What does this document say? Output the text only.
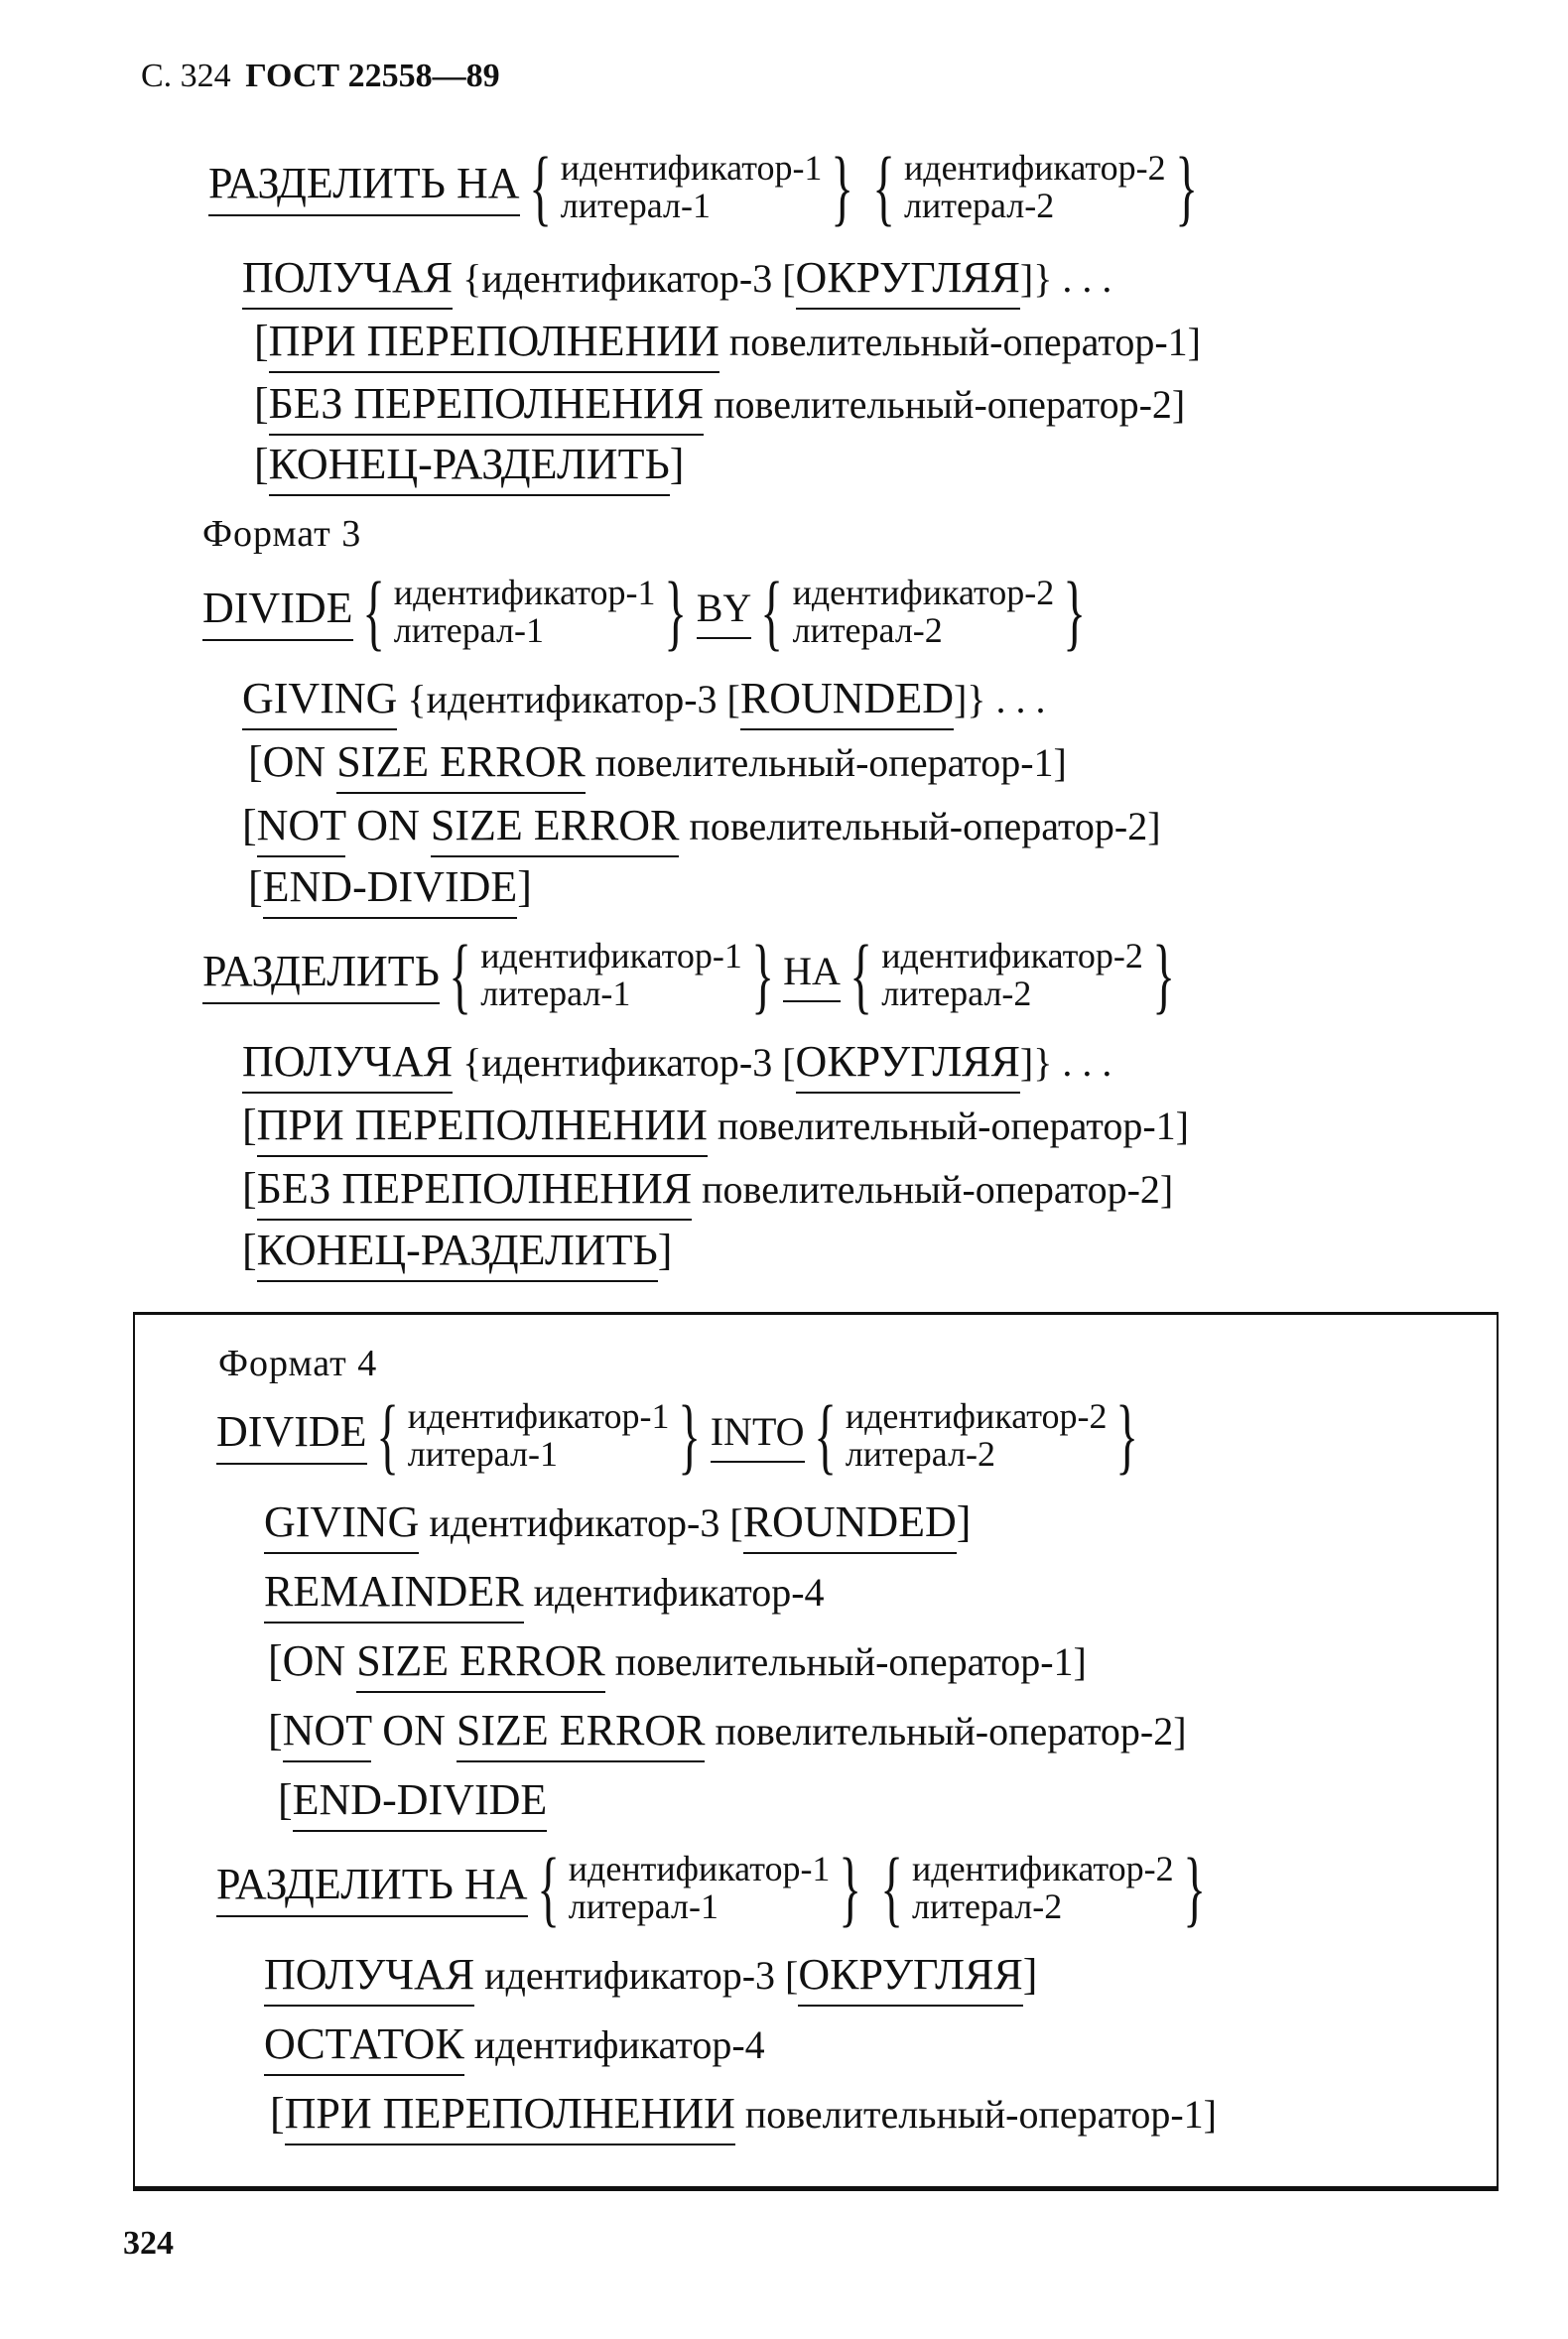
С. 324 ГОСТ 22558—89
РАЗДЕЛИТЬ НА { идентификатор-1
литерал-1	} { идентификатор-2
литерал-2	}
ПОЛУЧАЯ {идентификатор-3 [ОКРУГЛЯЯ]} . . .
[ПРИ ПЕРЕПОЛНЕНИИ повелительный-оператор-1]
[БЕЗ ПЕРЕПОЛНЕНИЯ повелительный-оператор-2]
[КОНЕЦ-РАЗДЕЛИТЬ]
Формат 3
DIVIDE { идентификатор-1
литерал-1	} BY { идентификатор-2
литерал-2	}
GIVING {идентификатор-3 [ROUNDED]} . . .
[ON SIZE ERROR повелительный-оператор-1]
[NOT ON SIZE ERROR повелительный-оператор-2]
[END-DIVIDE]
РАЗДЕЛИТЬ { идентификатор-1
литерал-1	} НА { идентификатор-2
литерал-2	}
ПОЛУЧАЯ {идентификатор-3 [ОКРУГЛЯЯ]} . . .
[ПРИ ПЕРЕПОЛНЕНИИ повелительный-оператор-1]
[БЕЗ ПЕРЕПОЛНЕНИЯ повелительный-оператор-2]
[КОНЕЦ-РАЗДЕЛИТЬ]
Формат 4
DIVIDE { идентификатор-1
литерал-1	} INTO { идентификатор-2
литерал-2	}
GIVING идентификатор-3 [ROUNDED]
REMAINDER идентификатор-4
[ON SIZE ERROR повелительный-оператор-1]
[NOT ON SIZE ERROR повелительный-оператор-2]
[END-DIVIDE
РАЗДЕЛИТЬ НА { идентификатор-1
литерал-1	} { идентификатор-2
литерал-2	}
ПОЛУЧАЯ идентификатор-3 [ОКРУГЛЯЯ]
ОСТАТОК идентификатор-4
[ПРИ ПЕРЕПОЛНЕНИИ повелительный-оператор-1]
324
